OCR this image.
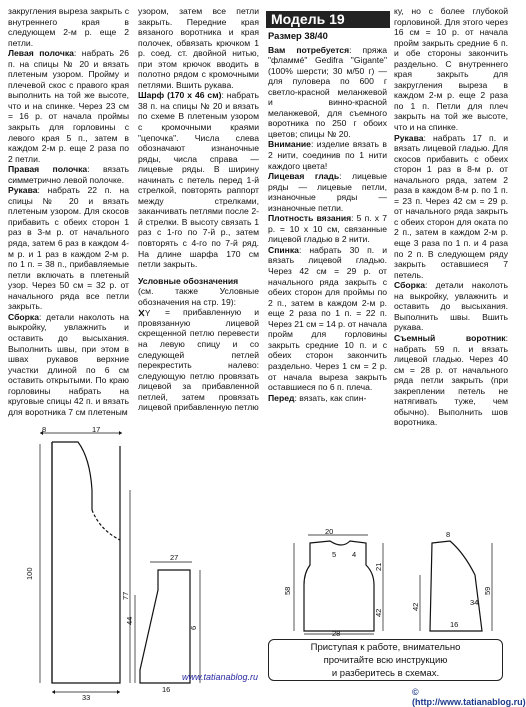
закругления выреза закрыть с внутреннего края в следующем 2-м р. еще 2 петли.

Левая полочка: набрать 26 п. на спицы № 20 и вязать плетеным узором. Пройму и плечевой скос с правого края выполнить на той же высоте, что и на спинке. Через 23 см = 16 р. от начала проймы закрыть для горловины с левого края 5 п., затем в каждом 2-м р. еще 2 раза по 2 петли.

Правая полочка: вязать симметрично левой полочке.

Рукава: набрать 22 п. на спицы № 20 и вязать плетеным узором. Для скосов прибавить с обеих сторон 1 раз в 3-м р. от начального ряда, затем 6 раз в каждом 4-м р. и 1 раз в каждом 2-м р. по 1 п. = 38 п., прибавляемые петли включать в плетеный узор. Через 50 см = 32 р. от начального ряда все петли закрыть.

Сборка: детали наколоть на выкройку, увлажнить и оставить до высыхания. Выполнить швы, при этом в швах рукавов верхние участки длиной по 6 см оставить открытыми. По краю горловины набрать на круговые спицы 42 п. и вязать для воротника 7 см плетеным

узором, затем все петли закрыть. Передние края вязаного воротника и края полочек, обвязать крючком 1 р. соед. ст. двойной нитью, при этом крючок вводить в полотно рядом с кромочными петлями. Вшить рукава.

Шарф (170 х 46 см): набрать 38 п. на спицы № 20 и вязать по схеме В плетеным узором с кромочными краями "цепочка". Числа слева обозначают изнаночные ряды, числа справа — лицевые ряды. В ширину начинать с петель перед 1-й стрелкой, повторять раппорт между стрелками, заканчивать петлями после 2-й стрелки. В высоту связать 1 раз с 1-го по 7-й р., затем повторять с 4-го по 7-й ряд. На длине шарфа 170 см петли закрыть.

Условные обозначения

(см. также Условные обозначения на стр. 19):

Y = прибавленную и провязанную лицевой скрещенной петлю перевести на левую спицу и со следующей петлей перекрестить налево: следующую петлю провязать лицевой за прибавленной петлей, затем провязать лицевой прибавленную петлю

Модель 19

Размер 38/40

Вам потребуется: пряжа "фламмé" Gedifra "Gigante" (100% шерсти; 30 м/50 г) — для пуловера по 600 г светло-красной меланжевой и винно-красной меланжевой, для съемного воротника по 250 г обоих цветов; спицы № 20.

Внимание: изделие вязать в 2 нити, соединив по 1 нити каждого цвета!

Лицевая гладь: лицевые ряды — лицевые петли, изнаночные ряды — изнаночные петли.

Плотность вязания: 5 п. х 7 р. = 10 х 10 см, связанные лицевой гладью в 2 нити.

Спинка: набрать 30 п. и вязать лицевой гладью. Через 42 см = 29 р. от начального ряда закрыть с обеих сторон для проймы по 2 п., затем в каждом 2-м р. еще 2 раза по 1 п. = 22 п. Через 21 см = 14 р. от начала пройм для горловины закрыть средние 10 п. и с обеих сторон закончить раздельно. Через 1 см = 2 р. от начала выреза закрыть оставшиеся по 6 п. плеча.

Перед: вязать, как спин-

ку, но с более глубокой горловиной. Для этого через 16 см = 10 р. от начала пройм закрыть средние 6 п. и обе стороны закончить раздельно. С внутреннего края закрыть для закругления выреза в каждом 2-м р. еще 2 раза по 1 п. Петли для плеч закрыть на той же высоте, что и на спинке.

Рукава: набрать 17 п. и вязать лицевой гладью. Для скосов прибавить с обеих сторон 1 раз в 8-м р. от начального ряда, затем 2 раза в каждом 8-м р. по 1 п. = 23 п. Через 42 см = 29 р. от начального ряда закрыть с обеих сторон для оката по 2 п., затем в каждом 2-м р. еще 3 раза по 1 п. и 4 раза по 2 п. В следующем ряду закрыть оставшиеся 7 петель.

Сборка: детали наколоть на выкройку, увлажнить и оставить до высыхания. Выполнить швы. Вшить рукава.

Съемный воротник: набрать 59 п. и вязать лицевой гладью. Через 40 см = 28 р. от начального ряда петли закрыть (при закреплении петель не натягивать туже, чем обычно). Выполнить шов воротника.

8	17
100
77
33
27
44
6
16
20
58
21
42
4
5
8
59
42
16
34
28
Приступая к работе, внимательно
прочитайте всю инструкцию
и разберитесь в схемах.
www.tatianablog.ru
© (http://www.tatianablog.ru)
